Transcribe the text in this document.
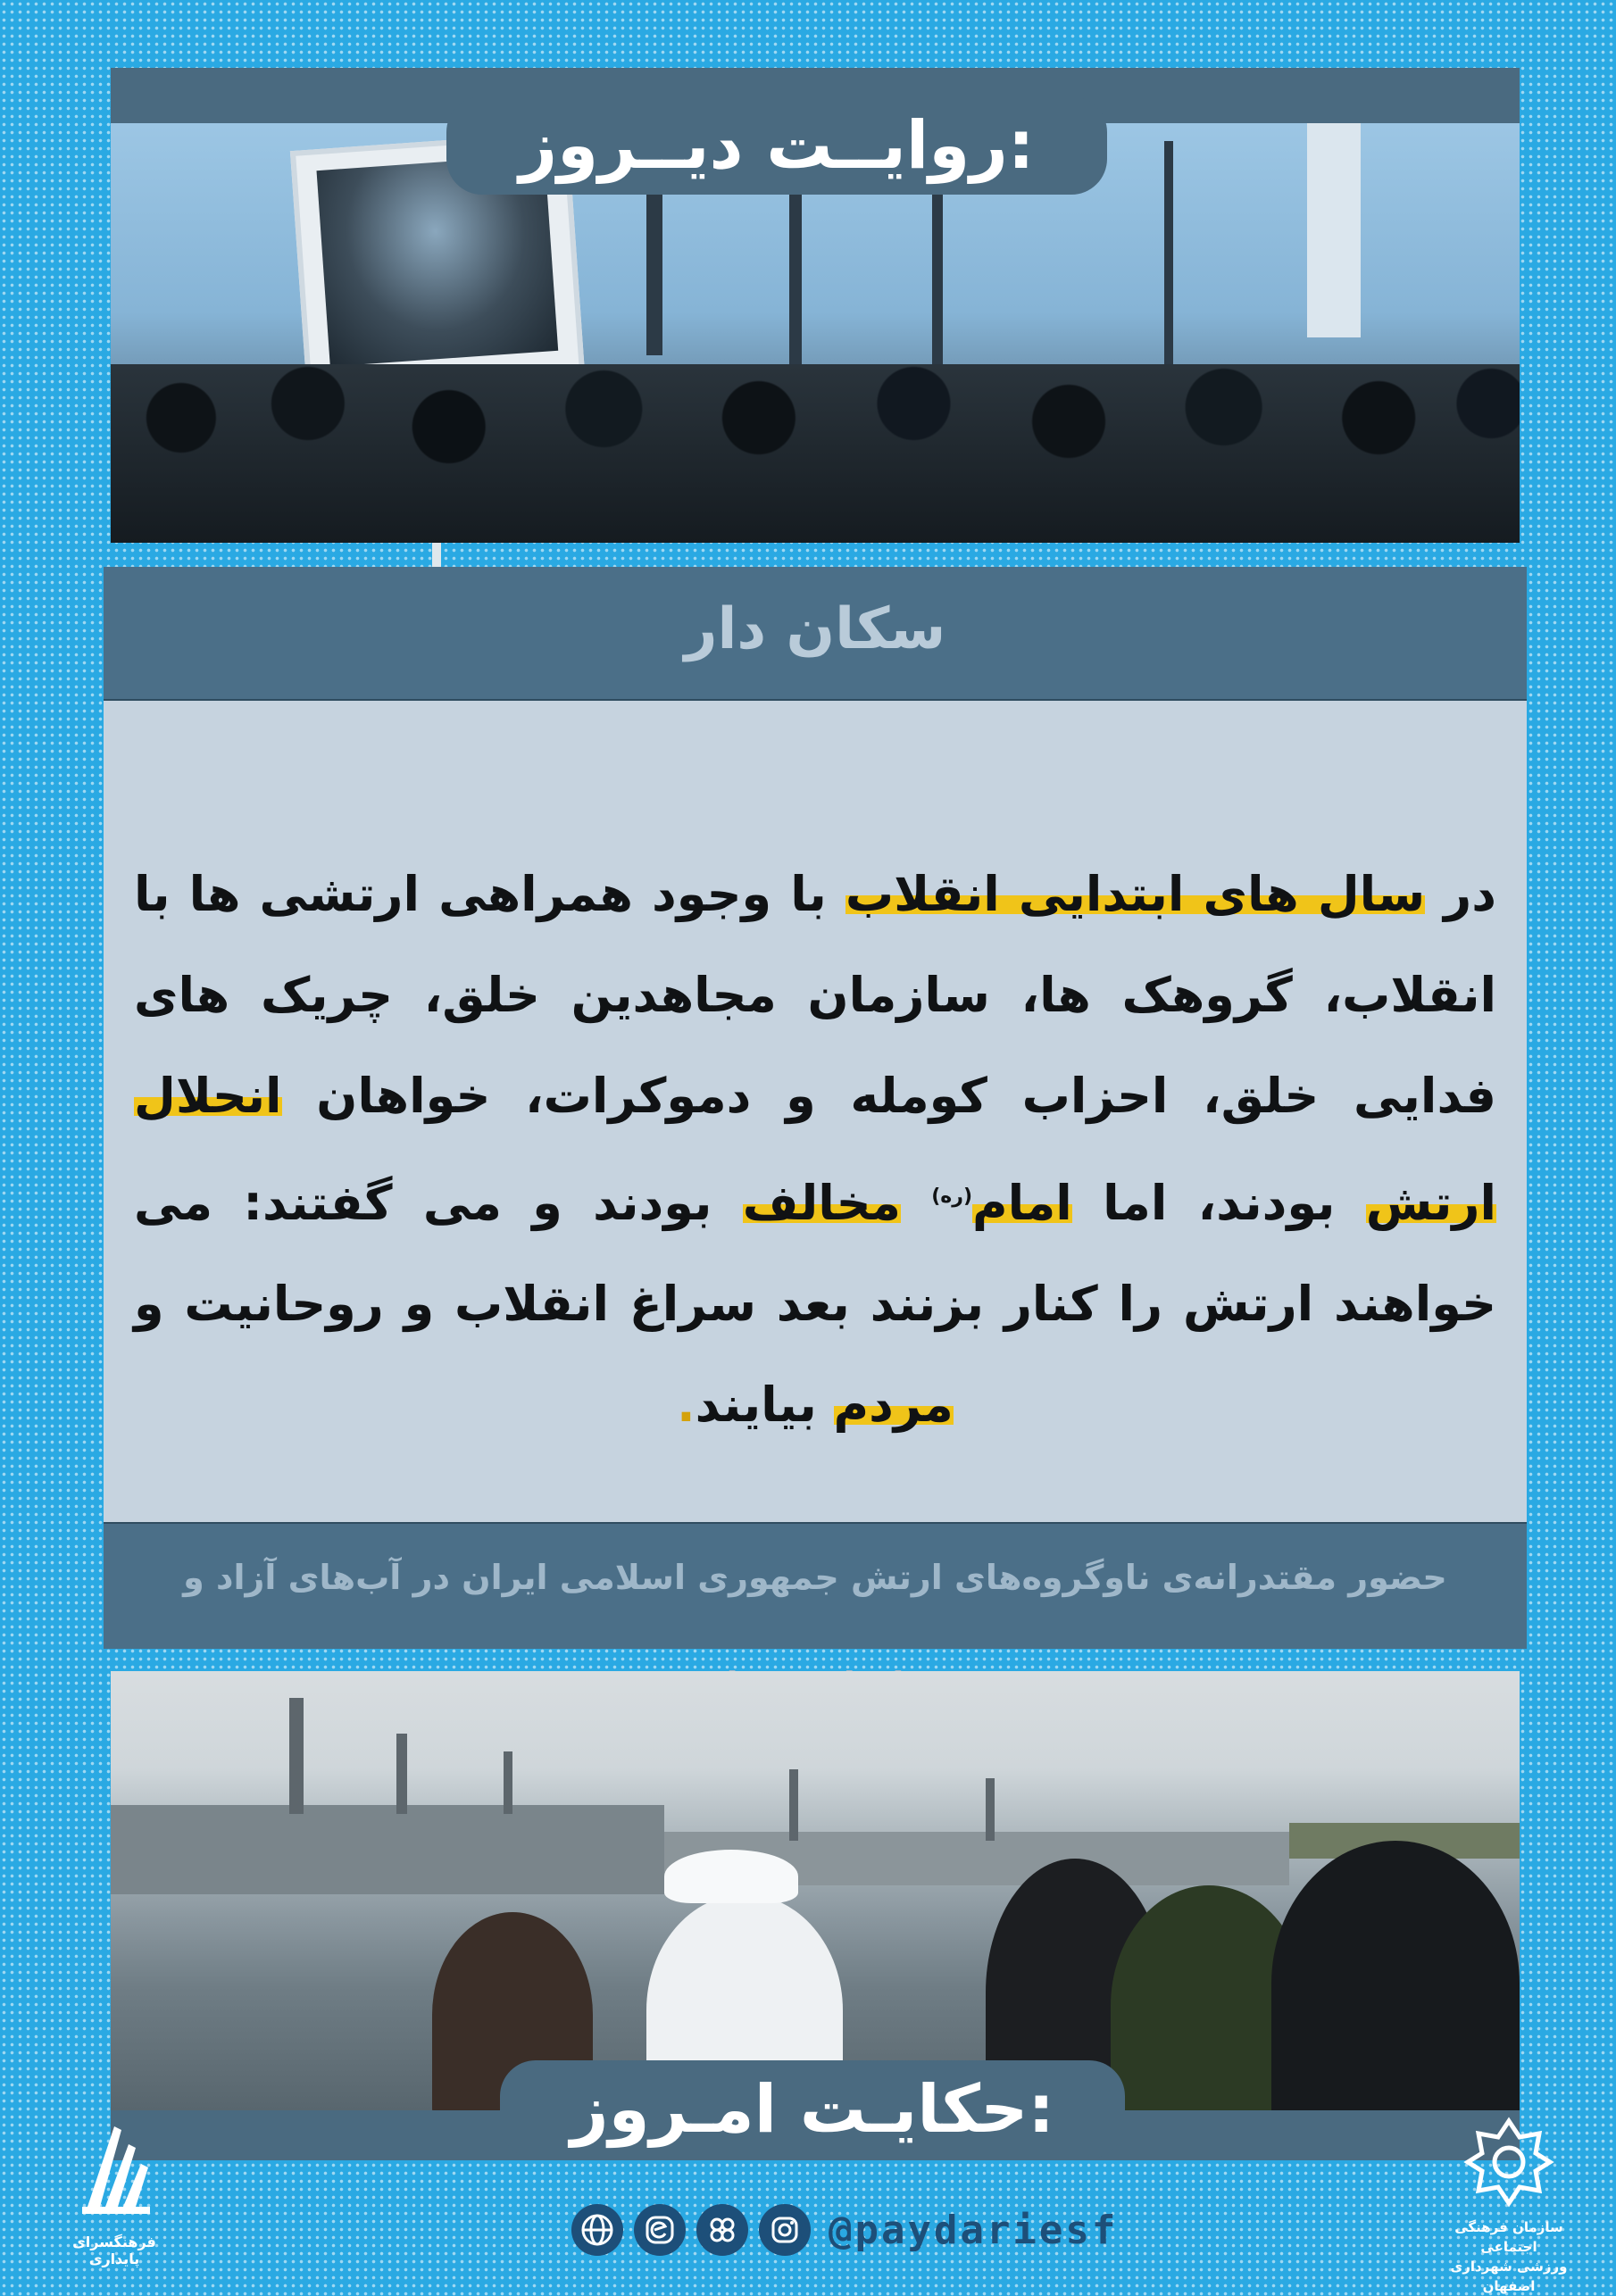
روایــت دیــروز:
سکان دار
در سال های ابتدایی انقلاب با وجود همراهی ارتشی ها با انقلاب، گروهک ها، سازمان مجاهدین خلق، چریک های فدایی خلق، احزاب کومله و دموکرات، خواهان انحلال ارتش بودند، اما امام$^{(ره)}$ مخالف بودند و می گفتند: می خواهند ارتش را کنار بزنند بعد سراغ انقلاب و روحانیت و مردم بیایند.
حضور مقتدرانه‌ی ناوگروه‌های ارتش جمهوری اسلامی ایران در آب‌های آزاد و
حکایـت امـروز:
فرهنگسرای پایداری
@paydariesf	سازمان فرهنگی اجتماعی
ورزشی شهرداری اصفهان
